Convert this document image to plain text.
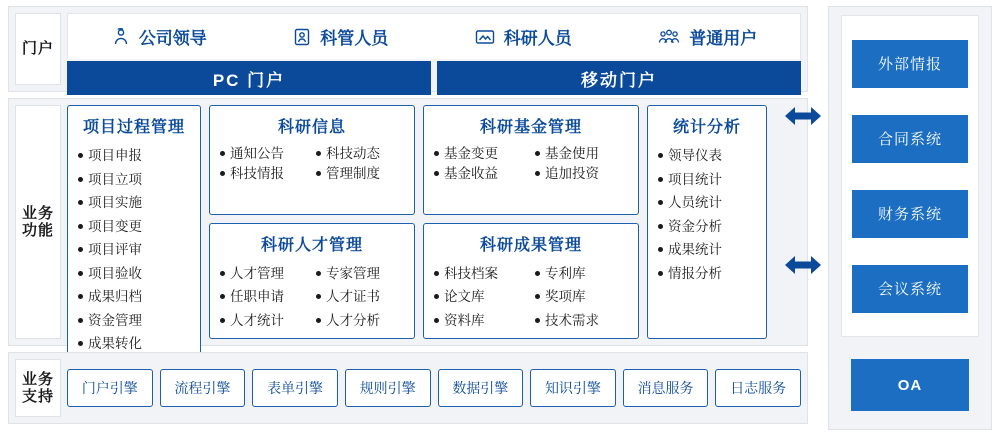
门户
公司领导	科管人员	科研人员	普通用户
PC 门户	移动门户
业务功能
项目过程管理
项目申报
项目立项
项目实施
项目变更
项目评审
项目验收
成果归档
资金管理
成果转化
科研信息
通知公告	科技动态
科技情报	管理制度
科研人才管理
人才管理	专家管理
任职申请	人才证书
人才统计	人才分析
科研基金管理
基金变更	基金使用
基金收益	追加投资
科研成果管理
科技档案	专利库
论文库	奖项库
资料库	技术需求
统计分析
领导仪表
项目统计
人员统计
资金分析
成果统计
情报分析
业务支持	门户引擎	流程引擎	表单引擎	规则引擎	数据引擎	知识引擎	消息服务	日志服务
外部情报
合同系统
财务系统
会议系统
OA
